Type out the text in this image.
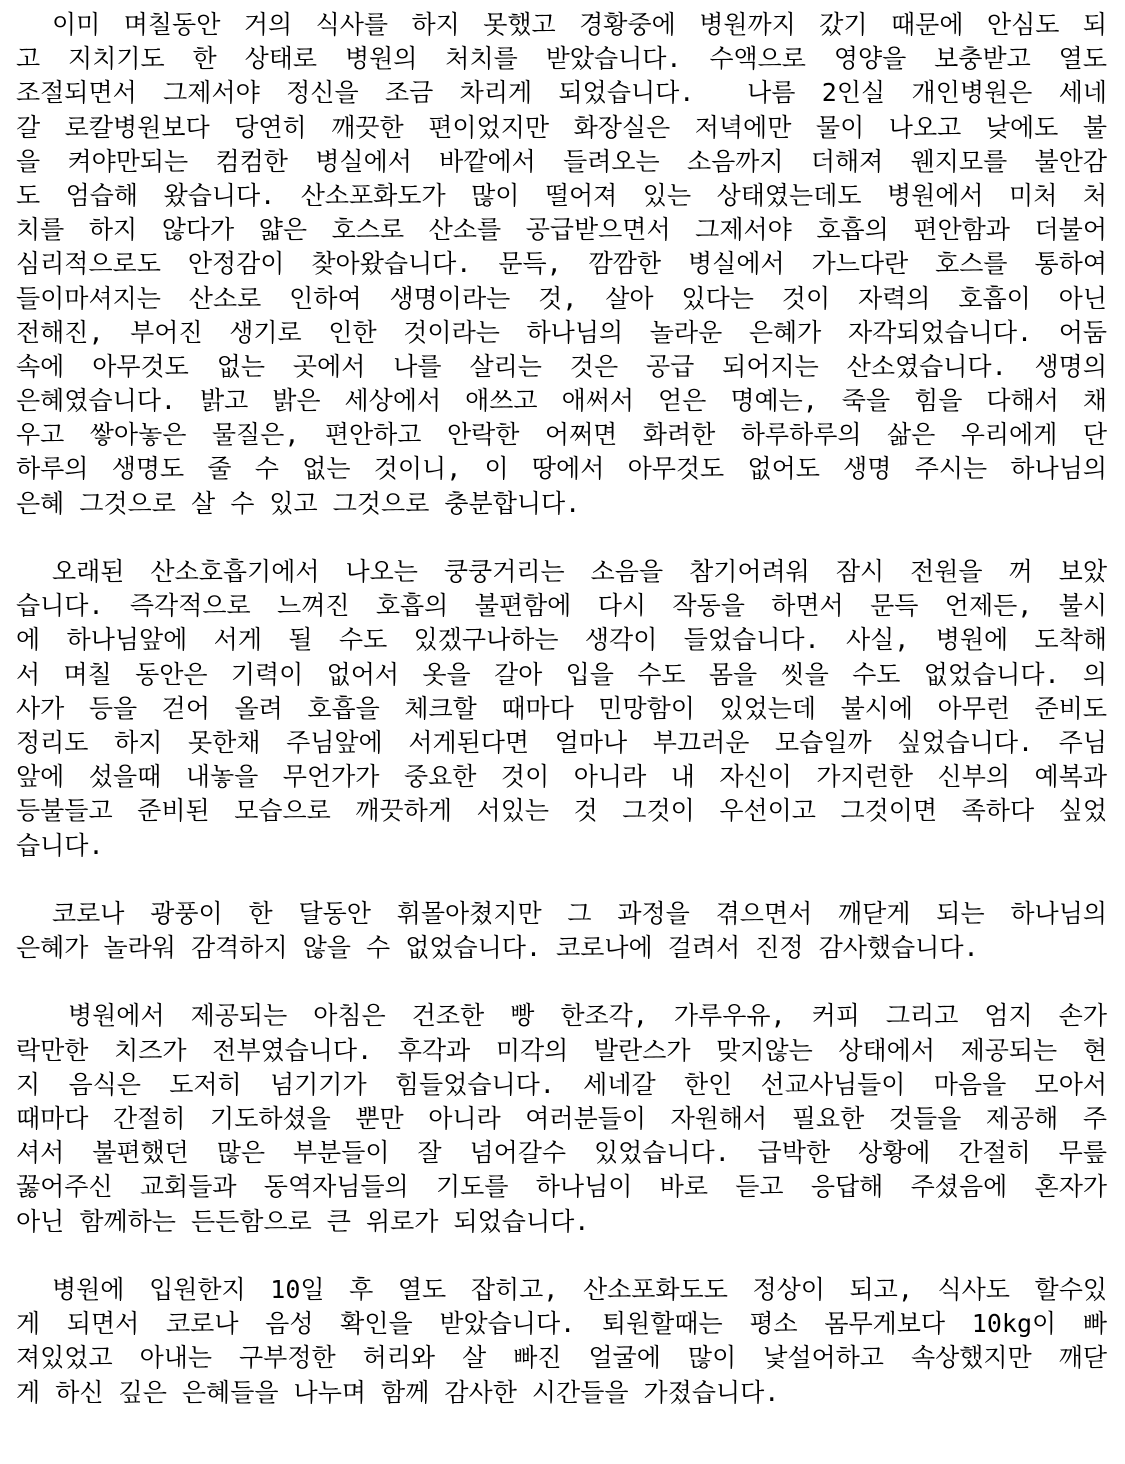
이미 며칠동안 거의 식사를 하지 못했고 경황중에 병원까지 갔기 때문에 안심도 되
고 지치기도 한 상태로 병원의 처치를 받았습니다. 수액으로 영양을 보충받고 열도
조절되면서 그제서야 정신을 조금 차리게 되었습니다.  나름 2인실 개인병원은 세네
갈 로칼병원보다 당연히 깨끗한 편이었지만 화장실은 저녁에만 물이 나오고 낮에도 불
을 켜야만되는 컴컴한 병실에서 바깥에서 들려오는 소음까지 더해져 웬지모를 불안감
도 엄습해 왔습니다. 산소포화도가 많이 떨어져 있는 상태였는데도 병원에서 미처 처
치를 하지 않다가 얇은 호스로 산소를 공급받으면서 그제서야 호흡의 편안함과 더불어
심리적으로도 안정감이 찾아왔습니다. 문득, 깜깜한 병실에서 가느다란 호스를 통하여
들이마셔지는 산소로 인하여 생명이라는 것, 살아 있다는 것이 자력의 호흡이 아닌
전해진, 부어진 생기로 인한 것이라는 하나님의 놀라운 은혜가 자각되었습니다. 어둠
속에 아무것도 없는 곳에서 나를 살리는 것은 공급 되어지는 산소였습니다. 생명의
은혜였습니다. 밝고 밝은 세상에서 애쓰고 애써서 얻은 명예는, 죽을 힘을 다해서 채
우고 쌓아놓은 물질은, 편안하고 안락한 어쩌면 화려한 하루하루의 삶은 우리에게 단
하루의 생명도 줄 수 없는 것이니, 이 땅에서 아무것도 없어도 생명 주시는 하나님의
은혜 그것으로 살 수 있고 그것으로 충분합니다.
오래된 산소호흡기에서 나오는 쿵쿵거리는 소음을 참기어려워 잠시 전원을 꺼 보았
습니다. 즉각적으로 느껴진 호흡의 불편함에 다시 작동을 하면서 문득 언제든, 불시
에 하나님앞에 서게 될 수도 있겠구나하는 생각이 들었습니다. 사실, 병원에 도착해
서 며칠 동안은 기력이 없어서 옷을 갈아 입을 수도 몸을 씻을 수도 없었습니다. 의
사가 등을 걷어 올려 호흡을 체크할 때마다 민망함이 있었는데 불시에 아무런 준비도
정리도 하지 못한채 주님앞에 서게된다면 얼마나 부끄러운 모습일까 싶었습니다. 주님
앞에 섰을때 내놓을 무언가가 중요한 것이 아니라 내 자신이 가지런한 신부의 예복과
등불들고 준비된 모습으로 깨끗하게 서있는 것 그것이 우선이고 그것이면 족하다 싶었
습니다.
코로나 광풍이 한 달동안 휘몰아쳤지만 그 과정을 겪으면서 깨닫게 되는 하나님의
은혜가 놀라워 감격하지 않을 수 없었습니다. 코로나에 걸려서 진정 감사했습니다.
병원에서 제공되는 아침은 건조한 빵 한조각, 가루우유, 커피 그리고 엄지 손가
락만한 치즈가 전부였습니다. 후각과 미각의 발란스가 맞지않는 상태에서 제공되는 현
지 음식은 도저히 넘기기가 힘들었습니다. 세네갈 한인 선교사님들이 마음을 모아서
때마다 간절히 기도하셨을 뿐만 아니라 여러분들이 자원해서 필요한 것들을 제공해 주
셔서 불편했던 많은 부분들이 잘 넘어갈수 있었습니다. 급박한 상황에 간절히 무릎
꿇어주신 교회들과 동역자님들의 기도를 하나님이 바로 듣고 응답해 주셨음에 혼자가
아닌 함께하는 든든함으로 큰 위로가 되었습니다.
병원에 입원한지 10일 후 열도 잡히고, 산소포화도도 정상이 되고, 식사도 할수있
게 되면서 코로나 음성 확인을 받았습니다. 퇴원할때는 평소 몸무게보다 10kg이 빠
져있었고 아내는 구부정한 허리와 살 빠진 얼굴에 많이 낯설어하고 속상했지만 깨닫
게 하신 깊은 은혜들을 나누며 함께 감사한 시간들을 가졌습니다.
